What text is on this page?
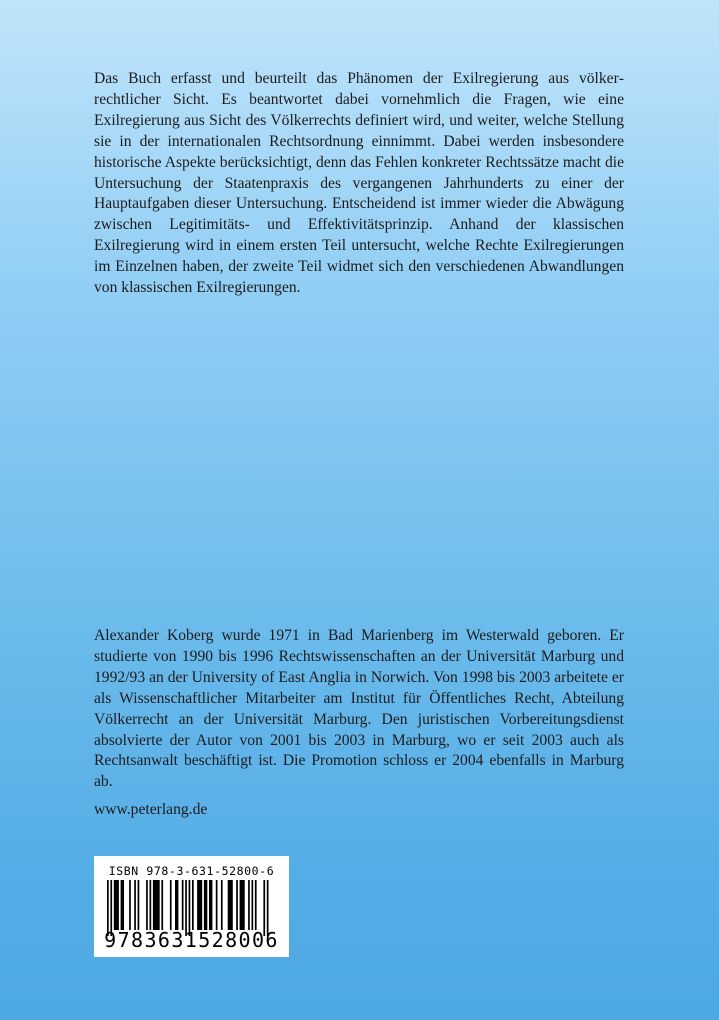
Das Buch erfasst und beurteilt das Phänomen der Exilregierung aus völkerrechtlicher Sicht. Es beantwortet dabei vornehmlich die Fragen, wie eine Exilregierung aus Sicht des Völkerrechts definiert wird, und weiter, welche Stellung sie in der internationalen Rechtsordnung einnimmt. Dabei werden insbesondere historische Aspekte berücksichtigt, denn das Fehlen konkreter Rechtssätze macht die Untersuchung der Staatenpraxis des vergangenen Jahrhunderts zu einer der Hauptaufgaben dieser Untersuchung. Entscheidend ist immer wieder die Abwägung zwischen Legitimitäts- und Effektivitätsprinzip. Anhand der klassischen Exilregierung wird in einem ersten Teil untersucht, welche Rechte Exilregierungen im Einzelnen haben, der zweite Teil widmet sich den verschiedenen Abwandlungen von klassischen Exilregierungen.

Alexander Koberg wurde 1971 in Bad Marienberg im Westerwald geboren. Er studierte von 1990 bis 1996 Rechtswissenschaften an der Universität Marburg und 1992/93 an der University of East Anglia in Norwich. Von 1998 bis 2003 arbeitete er als Wissenschaftlicher Mitarbeiter am Institut für Öffentliches Recht, Abteilung Völkerrecht an der Universität Marburg. Den juristischen Vorbereitungsdienst absolvierte der Autor von 2001 bis 2003 in Marburg, wo er seit 2003 auch als Rechtsanwalt beschäftigt ist. Die Promotion schloss er 2004 ebenfalls in Marburg ab.

www.peterlang.de

ISBN 978-3-631-52800-6

9783631528006
